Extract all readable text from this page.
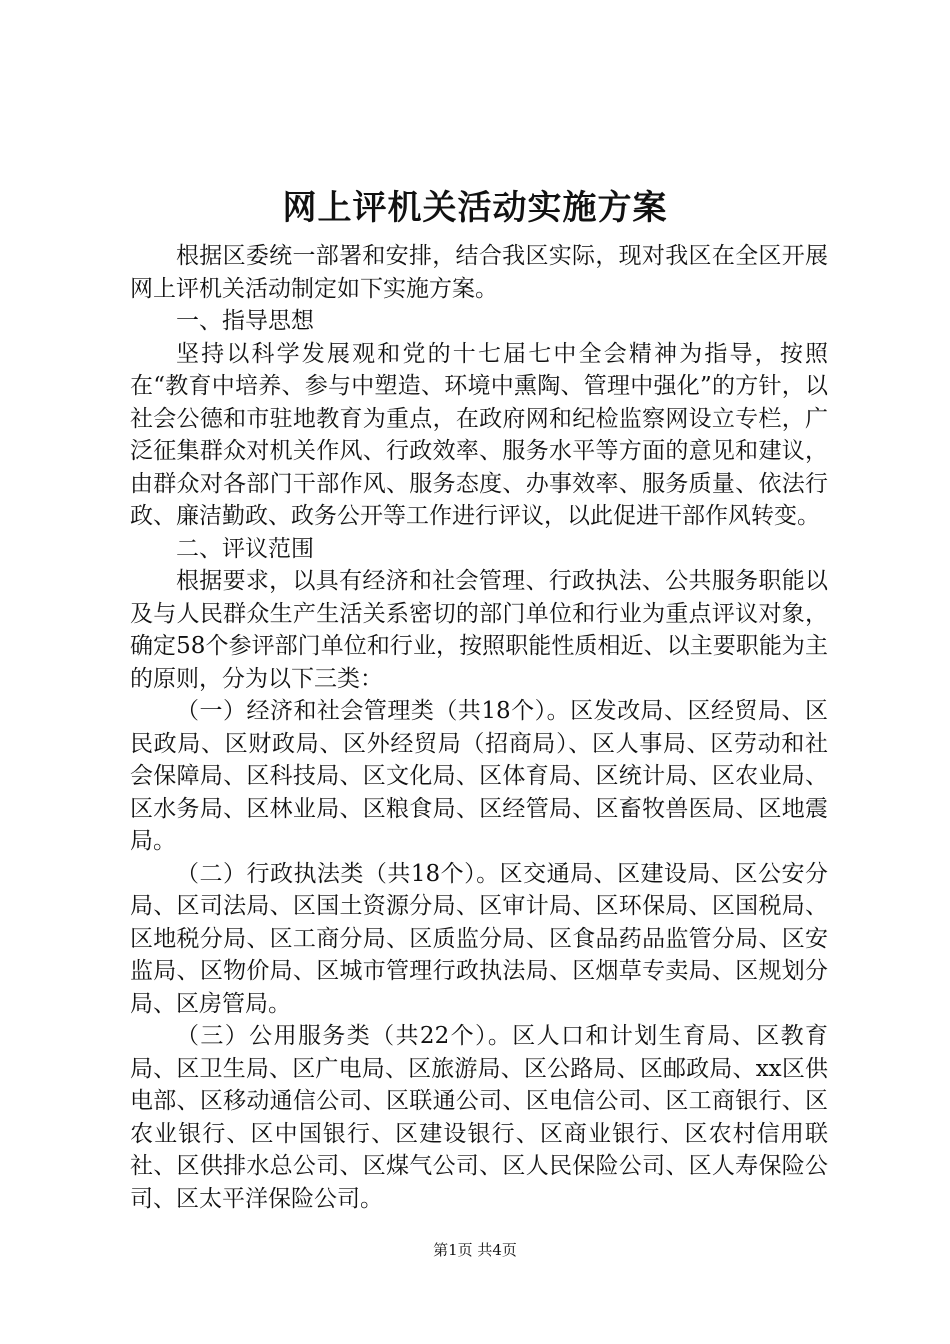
网上评机关活动实施方案

根据区委统一部署和安排，结合我区实际，现对我区在全区开展网上评机关活动制定如下实施方案。

一、指导思想

坚持以科学发展观和党的十七届七中全会精神为指导，按照在“教育中培养、参与中塑造、环境中熏陶、管理中强化”的方针，以社会公德和市驻地教育为重点，在政府网和纪检监察网设立专栏，广泛征集群众对机关作风、行政效率、服务水平等方面的意见和建议，由群众对各部门干部作风、服务态度、办事效率、服务质量、依法行政、廉洁勤政、政务公开等工作进行评议，以此促进干部作风转变。

二、评议范围

根据要求，以具有经济和社会管理、行政执法、公共服务职能以及与人民群众生产生活关系密切的部门单位和行业为重点评议对象，确定58个参评部门单位和行业，按照职能性质相近、以主要职能为主的原则，分为以下三类：

（一）经济和社会管理类（共18个）。区发改局、区经贸局、区民政局、区财政局、区外经贸局（招商局）、区人事局、区劳动和社会保障局、区科技局、区文化局、区体育局、区统计局、区农业局、区水务局、区林业局、区粮食局、区经管局、区畜牧兽医局、区地震局。

（二）行政执法类（共18个）。区交通局、区建设局、区公安分局、区司法局、区国土资源分局、区审计局、区环保局、区国税局、区地税分局、区工商分局、区质监分局、区食品药品监管分局、区安监局、区物价局、区城市管理行政执法局、区烟草专卖局、区规划分局、区房管局。

（三）公用服务类（共22个）。区人口和计划生育局、区教育局、区卫生局、区广电局、区旅游局、区公路局、区邮政局、xx区供电部、区移动通信公司、区联通公司、区电信公司、区工商银行、区农业银行、区中国银行、区建设银行、区商业银行、区农村信用联社、区供排水总公司、区煤气公司、区人民保险公司、区人寿保险公司、区太平洋保险公司。

第1页 共4页
